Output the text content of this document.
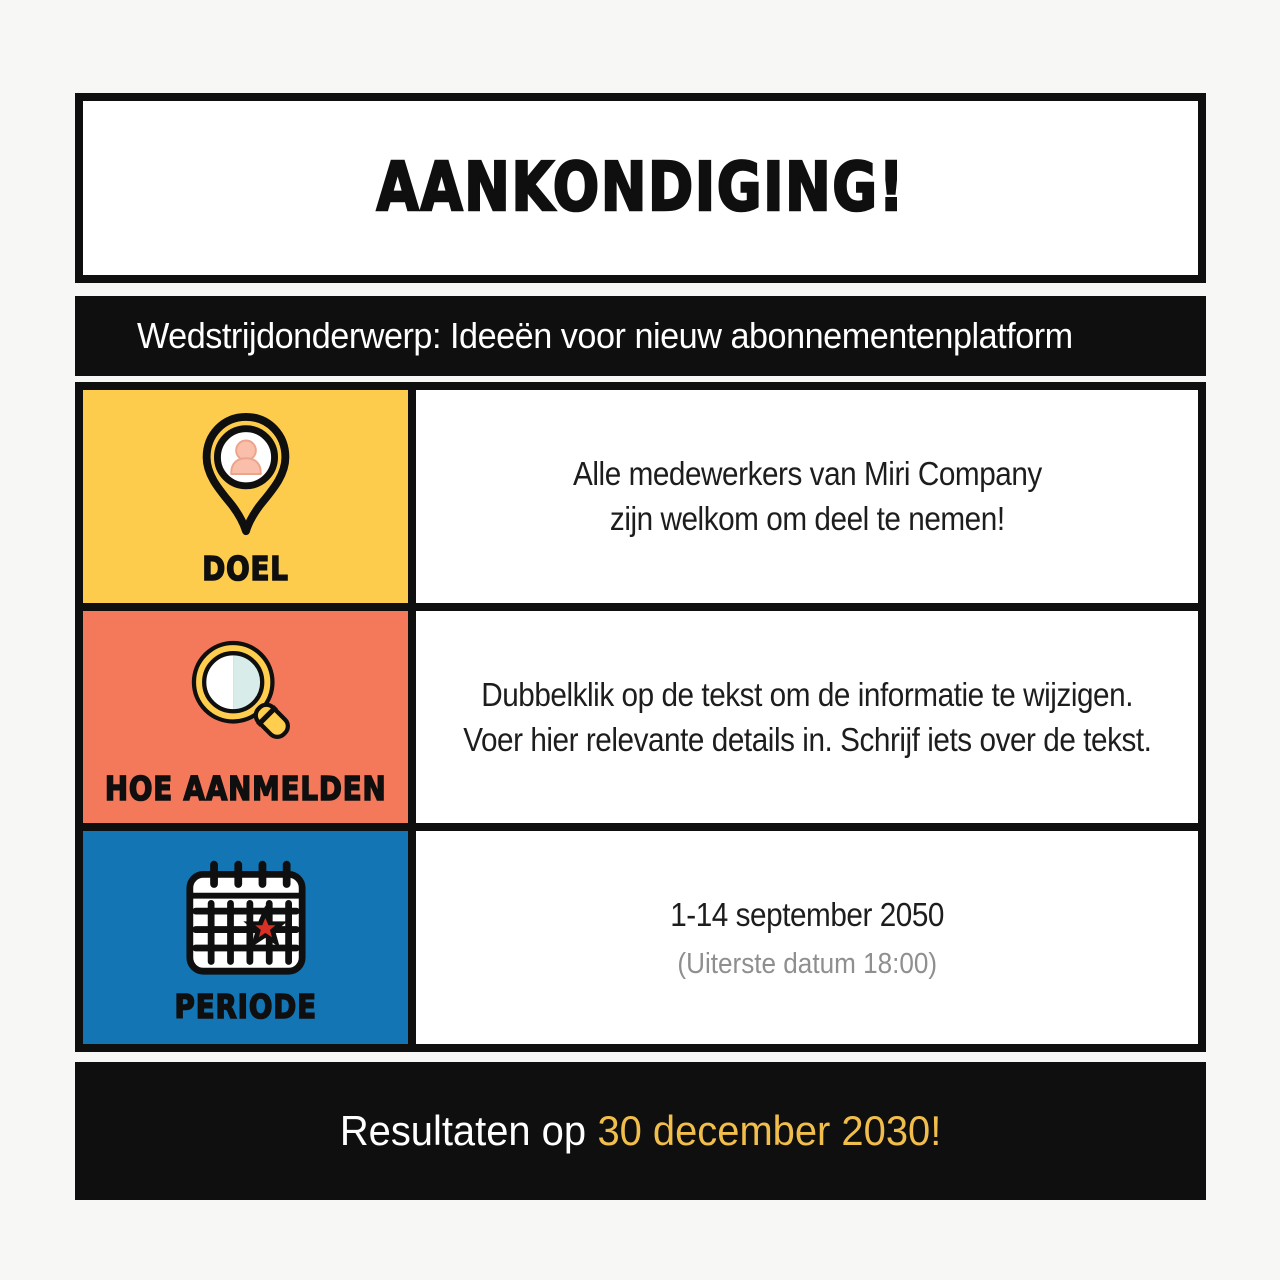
AANKONDIGING!
Wedstrijdonderwerp: Ideeën voor nieuw abonnementenplatform
DOEL
Alle medewerkers van Miri Company
zijn welkom om deel te nemen!
HOE AANMELDEN
Dubbelklik op de tekst om de informatie te wijzigen.
Voer hier relevante details in. Schrijf iets over de tekst.
PERIODE
1-14 september 2050
(Uiterste datum 18:00)
Resultaten op 30 december 2030!
